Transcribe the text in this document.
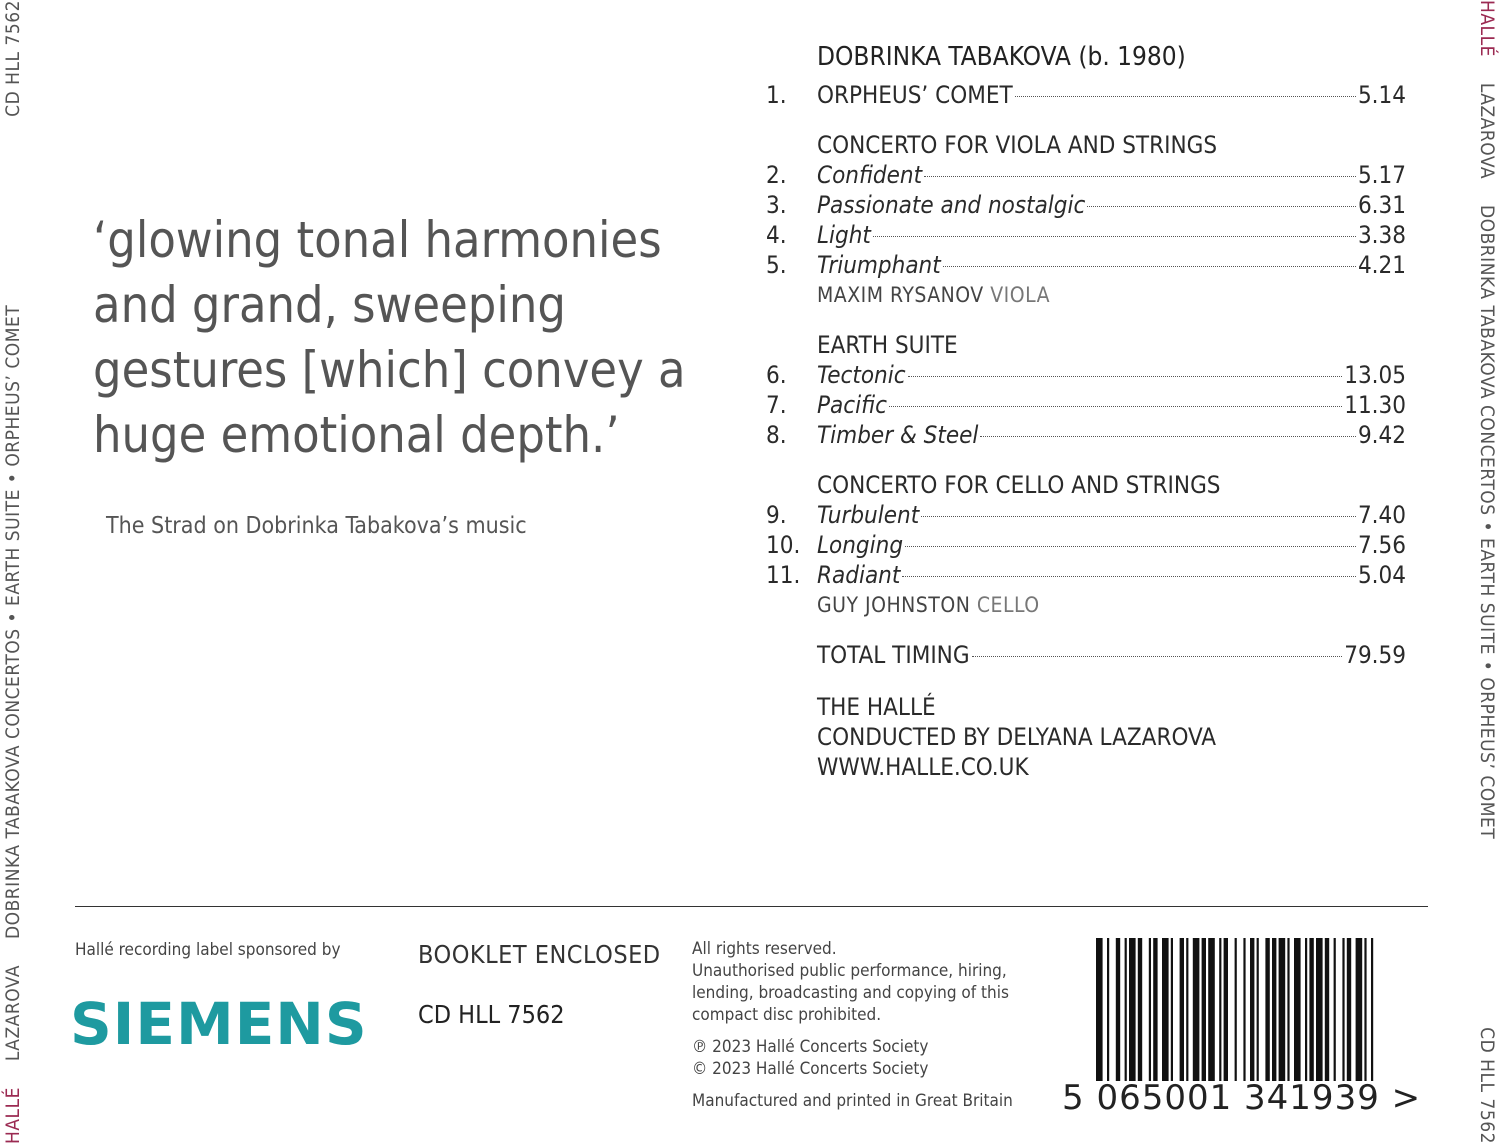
HALLÉ LAZAROVA DOBRINKA TABAKOVA CONCERTOS • EARTH SUITE • ORPHEUS’ COMET
CD HLL 7562	HALLÉ LAZAROVA DOBRINKA TABAKOVA CONCERTOS • EARTH SUITE • ORPHEUS’ COMET
CD HLL 7562
‘glowing tonal harmonies and grand, sweeping gestures [which] convey a huge emotional depth.’
The Strad on Dobrinka Tabakova’s music
DOBRINKA TABAKOVA (b. 1980)
1.	ORPHEUS’ COMET	5.14
CONCERTO FOR VIOLA AND STRINGS
2.	Confident	5.17
3.	Passionate and nostalgic	6.31
4.	Light	3.38
5.	Triumphant	4.21
MAXIM RYSANOV VIOLA
EARTH SUITE
6.	Tectonic	13.05
7.	Pacific	11.30
8.	Timber & Steel	9.42
CONCERTO FOR CELLO AND STRINGS
9.	Turbulent	7.40
10. Longing	7.56
11. Radiant	5.04
GUY JOHNSTON CELLO
TOTAL TIMING	79.59
THE HALLÉ
CONDUCTED BY DELYANA LAZAROVA
WWW.HALLE.CO.UK
Hallé recording label sponsored by
SIEMENS
BOOKLET ENCLOSED
CD HLL 7562

All rights reserved.
Unauthorised public performance, hiring, lending, broadcasting and copying of this compact disc prohibited.

℗ 2023 Hallé Concerts Society
© 2023 Hallé Concerts Society

Manufactured and printed in Great Britain 5 065001 341939 >
